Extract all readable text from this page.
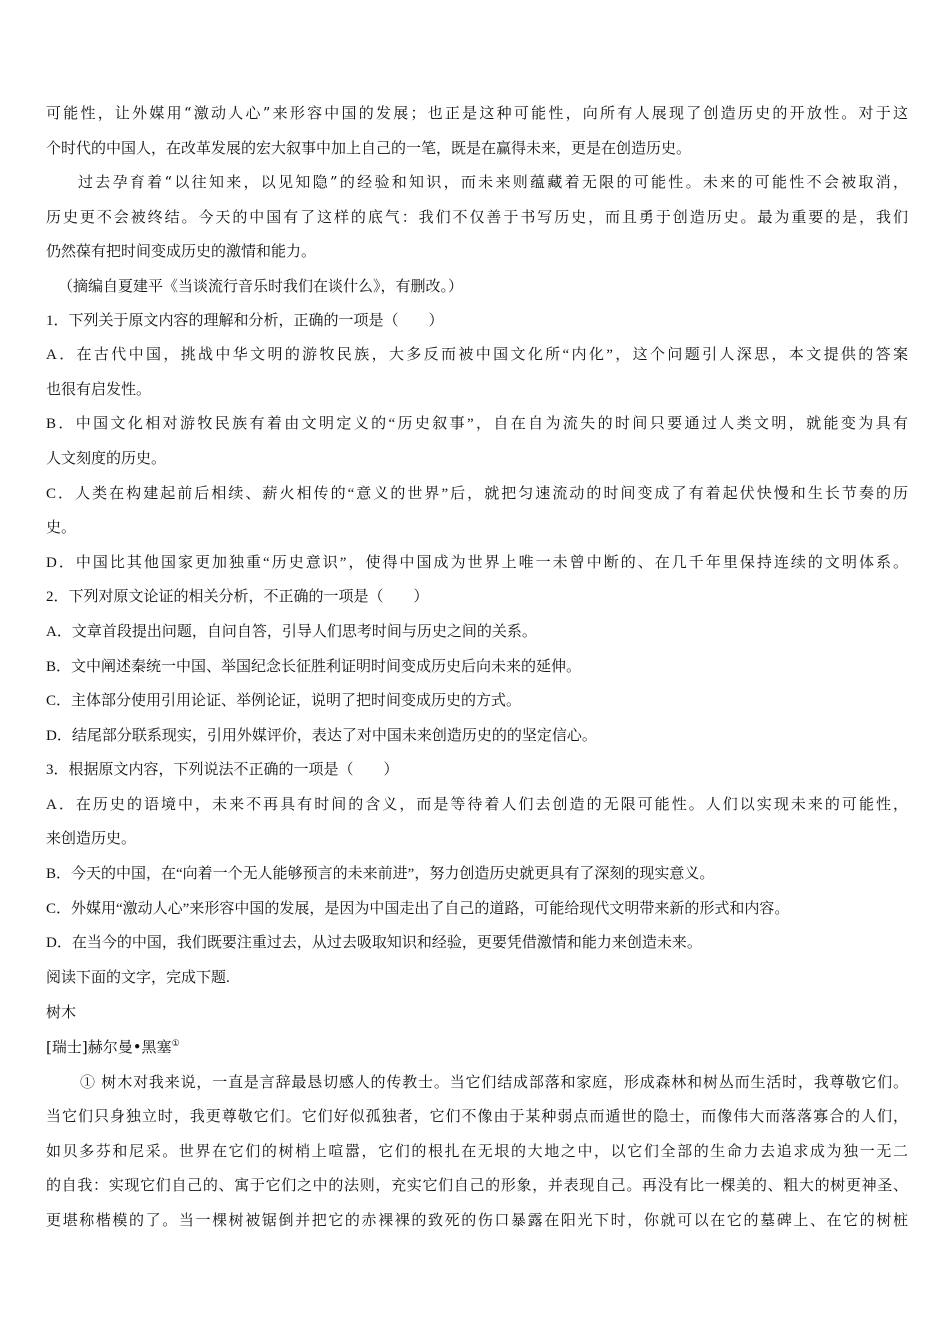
可能性，让外媒用“激动人心”来形容中国的发展；也正是这种可能性，向所有人展现了创造历史的开放性。对于这
个时代的中国人，在改革发展的宏大叙事中加上自己的一笔，既是在赢得未来，更是在创造历史。
过去孕育着“以往知来，以见知隐”的经验和知识，而未来则蕴藏着无限的可能性。未来的可能性不会被取消，
历史更不会被终结。今天的中国有了这样的底气：我们不仅善于书写历史，而且勇于创造历史。最为重要的是，我们
仍然葆有把时间变成历史的激情和能力。
（摘编自夏建平《当谈流行音乐时我们在谈什么》，有删改。）
1．下列关于原文内容的理解和分析，正确的一项是（　　）
A．在古代中国，挑战中华文明的游牧民族，大多反而被中国文化所“内化”，这个问题引人深思，本文提供的答案
也很有启发性。
B．中国文化相对游牧民族有着由文明定义的“历史叙事”，自在自为流失的时间只要通过人类文明，就能变为具有
人文刻度的历史。
C．人类在构建起前后相续、薪火相传的“意义的世界”后，就把匀速流动的时间变成了有着起伏快慢和生长节奏的历
史。
D．中国比其他国家更加独重“历史意识”，使得中国成为世界上唯一未曾中断的、在几千年里保持连续的文明体系。
2．下列对原文论证的相关分析，不正确的一项是（　　）
A．文章首段提出问题，自问自答，引导人们思考时间与历史之间的关系。
B．文中阐述秦统一中国、举国纪念长征胜利证明时间变成历史后向未来的延伸。
C．主体部分使用引用论证、举例论证，说明了把时间变成历史的方式。
D．结尾部分联系现实，引用外媒评价，表达了对中国未来创造历史的的坚定信心。
3．根据原文内容，下列说法不正确的一项是（　　）
A．在历史的语境中，未来不再具有时间的含义，而是等待着人们去创造的无限可能性。人们以实现未来的可能性，
来创造历史。
B．今天的中国，在“向着一个无人能够预言的未来前进”，努力创造历史就更具有了深刻的现实意义。
C．外媒用“激动人心”来形容中国的发展，是因为中国走出了自己的道路，可能给现代文明带来新的形式和内容。
D．在当今的中国，我们既要注重过去，从过去吸取知识和经验，更要凭借激情和能力来创造未来。
阅读下面的文字，完成下题.
树木
[瑞士]赫尔曼•黑塞①
① 树木对我来说，一直是言辞最恳切感人的传教士。当它们结成部落和家庭，形成森林和树丛而生活时，我尊敬它们。
当它们只身独立时，我更尊敬它们。它们好似孤独者，它们不像由于某种弱点而遁世的隐士，而像伟大而落落寡合的人们，
如贝多芬和尼采。世界在它们的树梢上喧嚣，它们的根扎在无垠的大地之中，以它们全部的生命力去追求成为独一无二
的自我：实现它们自己的、寓于它们之中的法则，充实它们自己的形象，并表现自己。再没有比一棵美的、粗大的树更神圣、
更堪称楷模的了。当一棵树被锯倒并把它的赤裸裸的致死的伤口暴露在阳光下时，你就可以在它的墓碑上、在它的树桩
